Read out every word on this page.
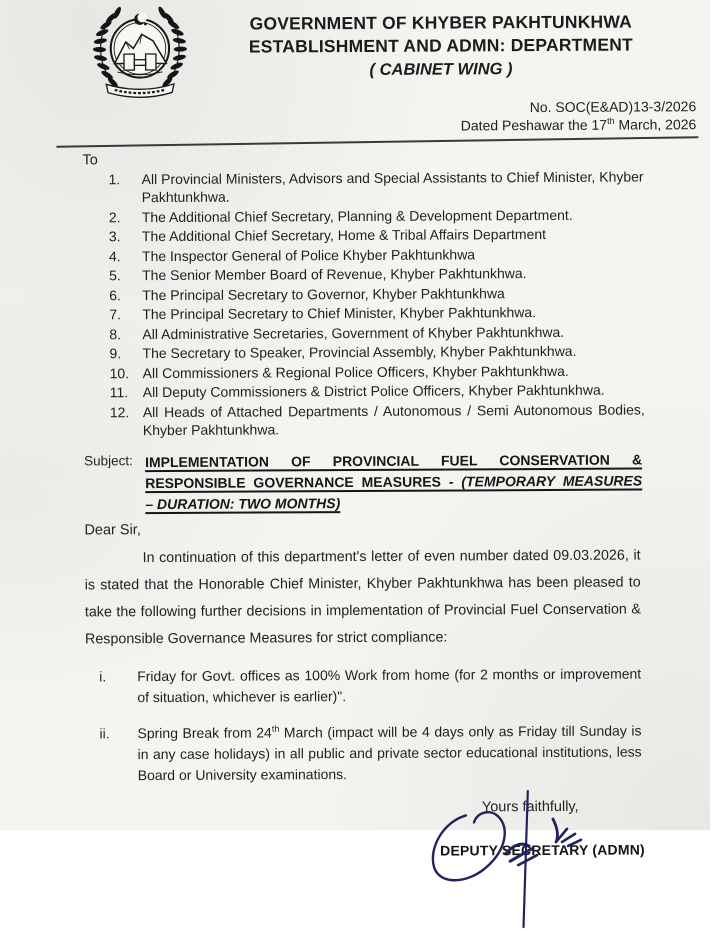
GOVERNMENT OF KHYBER PAKHTUNKHWA
ESTABLISHMENT AND ADMN: DEPARTMENT
( CABINET WING )
No. SOC(E&AD)13-3/2026
Dated Peshawar the 17th March, 2026
To
1.	All Provincial Ministers, Advisors and Special Assistants to Chief Minister, Khyber Pakhtunkhwa.
2.	The Additional Chief Secretary, Planning & Development Department.
3.	The Additional Chief Secretary, Home & Tribal Affairs Department
4.	The Inspector General of Police Khyber Pakhtunkhwa
5.	The Senior Member Board of Revenue, Khyber Pakhtunkhwa.
6.	The Principal Secretary to Governor, Khyber Pakhtunkhwa
7.	The Principal Secretary to Chief Minister, Khyber Pakhtunkhwa.
8.	All Administrative Secretaries, Government of Khyber Pakhtunkhwa.
9.	The Secretary to Speaker, Provincial Assembly, Khyber Pakhtunkhwa.
10. All Commissioners & Regional Police Officers, Khyber Pakhtunkhwa.
11.	All Deputy Commissioners & District Police Officers, Khyber Pakhtunkhwa.
12. All Heads of Attached Departments / Autonomous / Semi Autonomous Bodies, Khyber Pakhtunkhwa.
Subject: IMPLEMENTATION OF PROVINCIAL FUEL CONSERVATION &
RESPONSIBLE GOVERNANCE MEASURES - (TEMPORARY MEASURES
– DURATION: TWO MONTHS)
Dear Sir,

In continuation of this department's letter of even number dated 09.03.2026, it is stated that the Honorable Chief Minister, Khyber Pakhtunkhwa has been pleased to take the following further decisions in implementation of Provincial Fuel Conservation & Responsible Governance Measures for strict compliance:

i.	Friday for Govt. offices as 100% Work from home (for 2 months or improvement of situation, whichever is earlier)".
ii.	Spring Break from 24th March (impact will be 4 days only as Friday till Sunday is in any case holidays) in all public and private sector educational institutions, less Board or University examinations.
Yours faithfully,
DEPUTY SECRETARY (ADMN)
